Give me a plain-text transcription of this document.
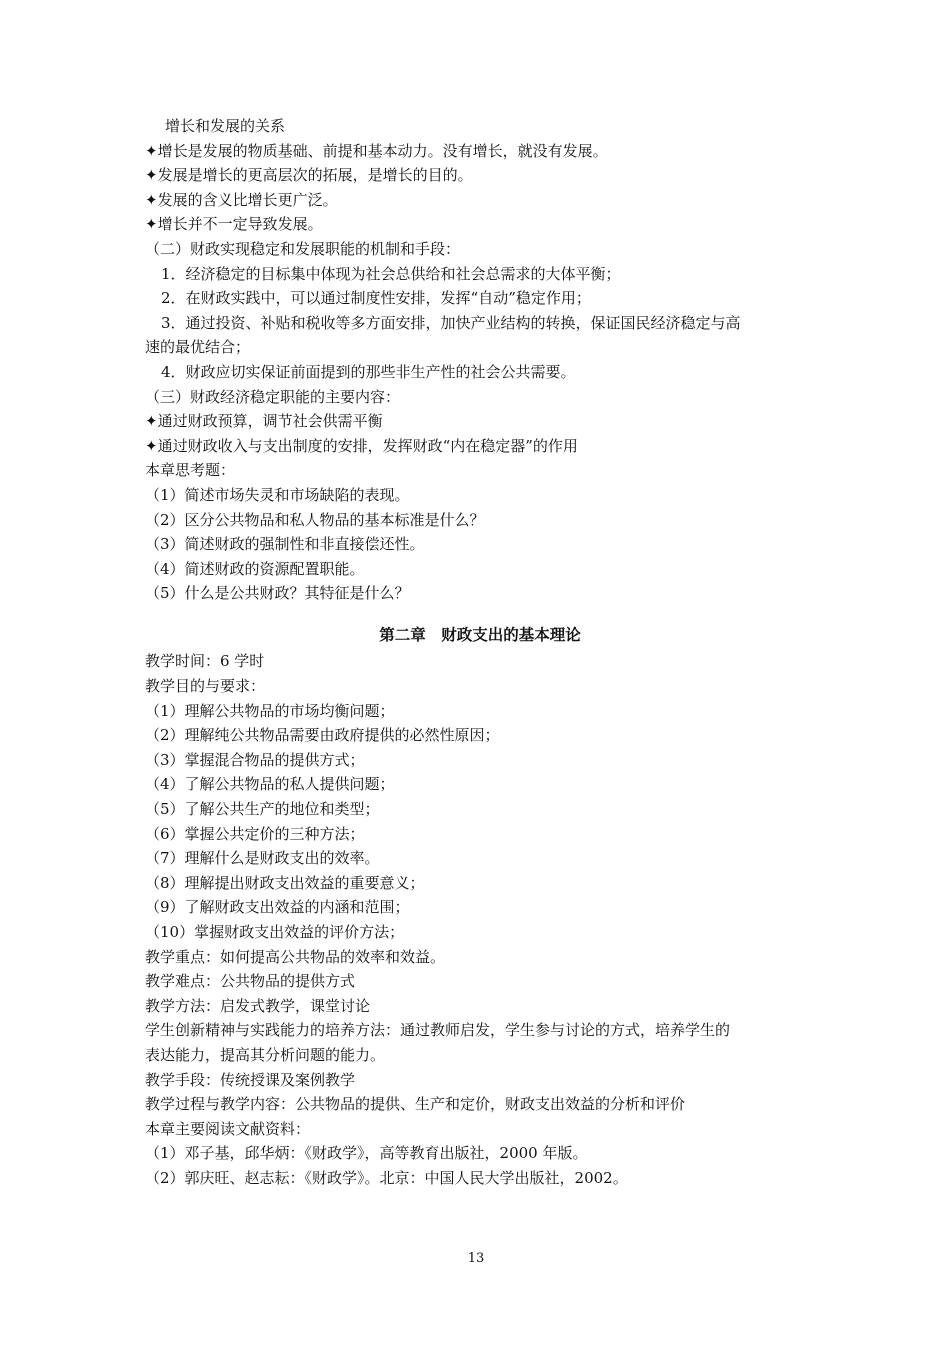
增长和发展的关系
✦增长是发展的物质基础、前提和基本动力。没有增长，就没有发展。
✦发展是增长的更高层次的拓展，是增长的目的。
✦发展的含义比增长更广泛。
✦增长并不一定导致发展。
（二）财政实现稳定和发展职能的机制和手段：
1．经济稳定的目标集中体现为社会总供给和社会总需求的大体平衡；
2．在财政实践中，可以通过制度性安排，发挥“自动”稳定作用；
3．通过投资、补贴和税收等多方面安排，加快产业结构的转换，保证国民经济稳定与高
速的最优结合；
4．财政应切实保证前面提到的那些非生产性的社会公共需要。
（三）财政经济稳定职能的主要内容：
✦通过财政预算，调节社会供需平衡
✦通过财政收入与支出制度的安排，发挥财政“内在稳定器”的作用
本章思考题：
（1）简述市场失灵和市场缺陷的表现。
（2）区分公共物品和私人物品的基本标准是什么？
（3）简述财政的强制性和非直接偿还性。
（4）简述财政的资源配置职能。
（5）什么是公共财政？其特征是什么？
第二章　财政支出的基本理论
教学时间：6 学时
教学目的与要求：
（1）理解公共物品的市场均衡问题；
（2）理解纯公共物品需要由政府提供的必然性原因；
（3）掌握混合物品的提供方式；
（4）了解公共物品的私人提供问题；
（5）了解公共生产的地位和类型；
（6）掌握公共定价的三种方法；
（7）理解什么是财政支出的效率。
（8）理解提出财政支出效益的重要意义；
（9）了解财政支出效益的内涵和范围；
（10）掌握财政支出效益的评价方法；
教学重点：如何提高公共物品的效率和效益。
教学难点：公共物品的提供方式
教学方法：启发式教学，课堂讨论
学生创新精神与实践能力的培养方法：通过教师启发，学生参与讨论的方式，培养学生的
表达能力，提高其分析问题的能力。
教学手段：传统授课及案例教学
教学过程与教学内容：公共物品的提供、生产和定价，财政支出效益的分析和评价
本章主要阅读文献资料：
（1）邓子基，邱华炳：《财政学》，高等教育出版社，2000 年版。
（2）郭庆旺、赵志耘：《财政学》。北京：中国人民大学出版社，2002。
13
